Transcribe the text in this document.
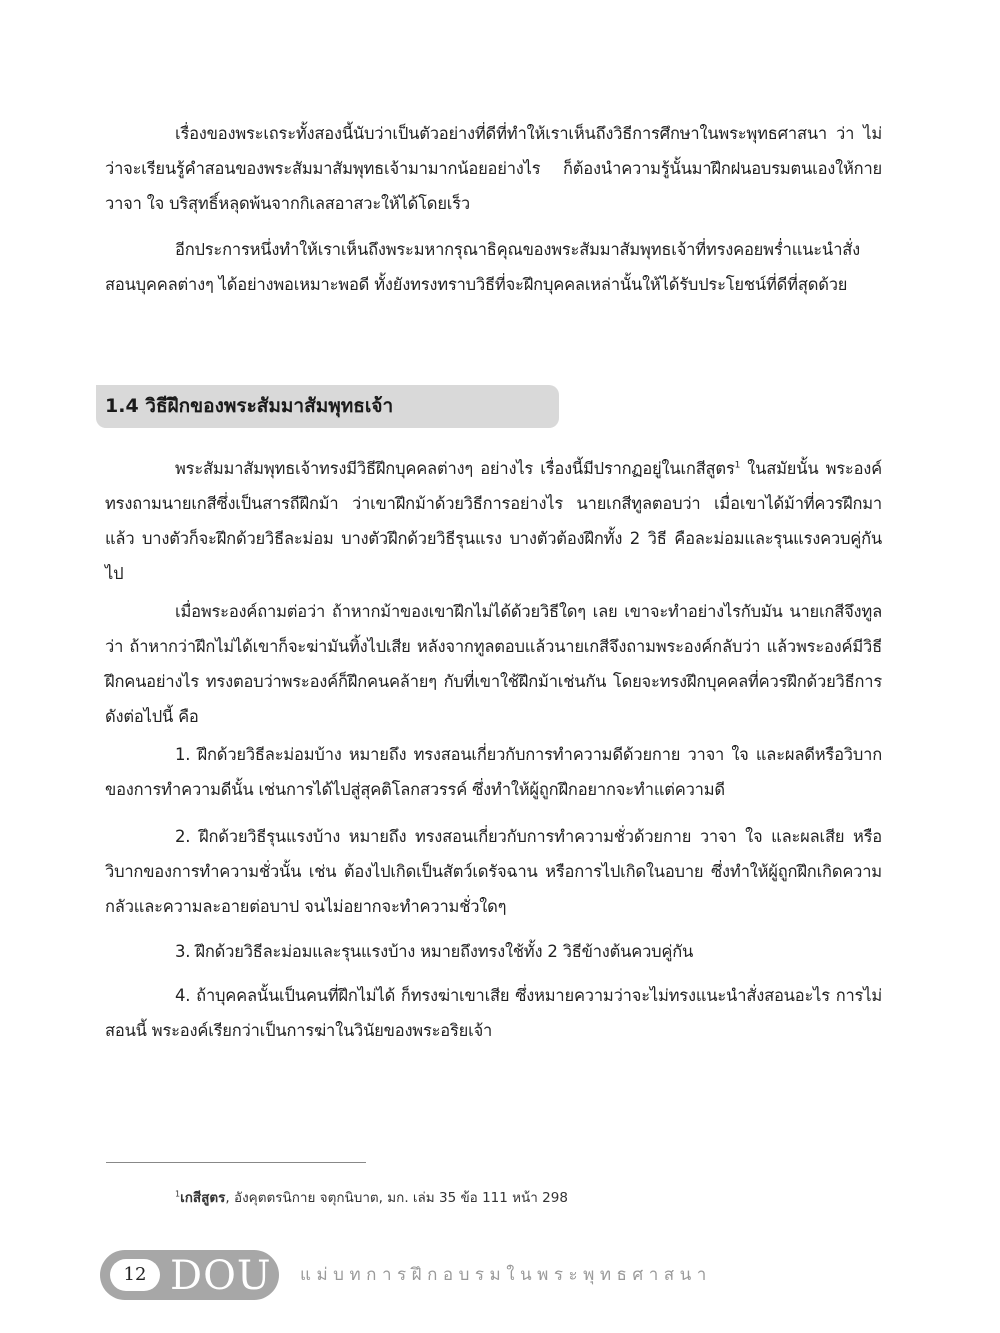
เรื่องของพระเถระทั้งสองนี้นับว่าเป็นตัวอย่างที่ดีที่ทำให้เราเห็นถึงวิธีการศึกษาในพระพุทธศาสนา ว่า ไม่ว่าจะเรียนรู้คำสอนของพระสัมมาสัมพุทธเจ้ามามากน้อยอย่างไร ก็ต้องนำความรู้นั้นมาฝึกฝนอบรมตนเองให้กาย วาจา ใจ บริสุทธิ์หลุดพ้นจากกิเลสอาสวะให้ได้โดยเร็ว

อีกประการหนึ่งทำให้เราเห็นถึงพระมหากรุณาธิคุณของพระสัมมาสัมพุทธเจ้าที่ทรงคอยพร่ำแนะนำสั่งสอนบุคคลต่างๆ ได้อย่างพอเหมาะพอดี ทั้งยังทรงทราบวิธีที่จะฝึกบุคคลเหล่านั้นให้ได้รับประโยชน์ที่ดีที่สุดด้วย

1.4 วิธีฝึกของพระสัมมาสัมพุทธเจ้า

พระสัมมาสัมพุทธเจ้าทรงมีวิธีฝึกบุคคลต่างๆ อย่างไร เรื่องนี้มีปรากฏอยู่ในเกสีสูตร$^1$ ในสมัยนั้น พระองค์ทรงถามนายเกสีซึ่งเป็นสารถีฝึกม้า ว่าเขาฝึกม้าด้วยวิธีการอย่างไร นายเกสีทูลตอบว่า เมื่อเขาได้ม้าที่ควรฝึกมาแล้ว บางตัวก็จะฝึกด้วยวิธีละม่อม บางตัวฝึกด้วยวิธีรุนแรง บางตัวต้องฝึกทั้ง 2 วิธี คือละม่อมและรุนแรงควบคู่กันไป

เมื่อพระองค์ถามต่อว่า ถ้าหากม้าของเขาฝึกไม่ได้ด้วยวิธีใดๆ เลย เขาจะทำอย่างไรกับมัน นายเกสีจึงทูลว่า ถ้าหากว่าฝึกไม่ได้เขาก็จะฆ่ามันทิ้งไปเสีย หลังจากทูลตอบแล้วนายเกสีจึงถามพระองค์กลับว่า แล้วพระองค์มีวิธีฝึกคนอย่างไร ทรงตอบว่าพระองค์ก็ฝึกคนคล้ายๆ กับที่เขาใช้ฝึกม้าเช่นกัน โดยจะทรงฝึกบุคคลที่ควรฝึกด้วยวิธีการดังต่อไปนี้ คือ

1. ฝึกด้วยวิธีละม่อมบ้าง หมายถึง ทรงสอนเกี่ยวกับการทำความดีด้วยกาย วาจา ใจ และผลดีหรือวิบากของการทำความดีนั้น เช่นการได้ไปสู่สุคติโลกสวรรค์ ซึ่งทำให้ผู้ถูกฝึกอยากจะทำแต่ความดี

2. ฝึกด้วยวิธีรุนแรงบ้าง หมายถึง ทรงสอนเกี่ยวกับการทำความชั่วด้วยกาย วาจา ใจ และผลเสีย หรือวิบากของการทำความชั่วนั้น เช่น ต้องไปเกิดเป็นสัตว์เดรัจฉาน หรือการไปเกิดในอบาย ซึ่งทำให้ผู้ถูกฝึกเกิดความกลัวและความละอายต่อบาป จนไม่อยากจะทำความชั่วใดๆ

3. ฝึกด้วยวิธีละม่อมและรุนแรงบ้าง หมายถึงทรงใช้ทั้ง 2 วิธีข้างต้นควบคู่กัน

4. ถ้าบุคคลนั้นเป็นคนที่ฝึกไม่ได้ ก็ทรงฆ่าเขาเสีย ซึ่งหมายความว่าจะไม่ทรงแนะนำสั่งสอนอะไร การไม่สอนนี้ พระองค์เรียกว่าเป็นการฆ่าในวินัยของพระอริยเจ้า

$^1$เกสีสูตร, อังคุตตรนิกาย จตุกนิบาต, มก. เล่ม 35 ข้อ 111 หน้า 298
12 DOU แม่บทการฝึกอบรมในพระพุทธศาสนา
